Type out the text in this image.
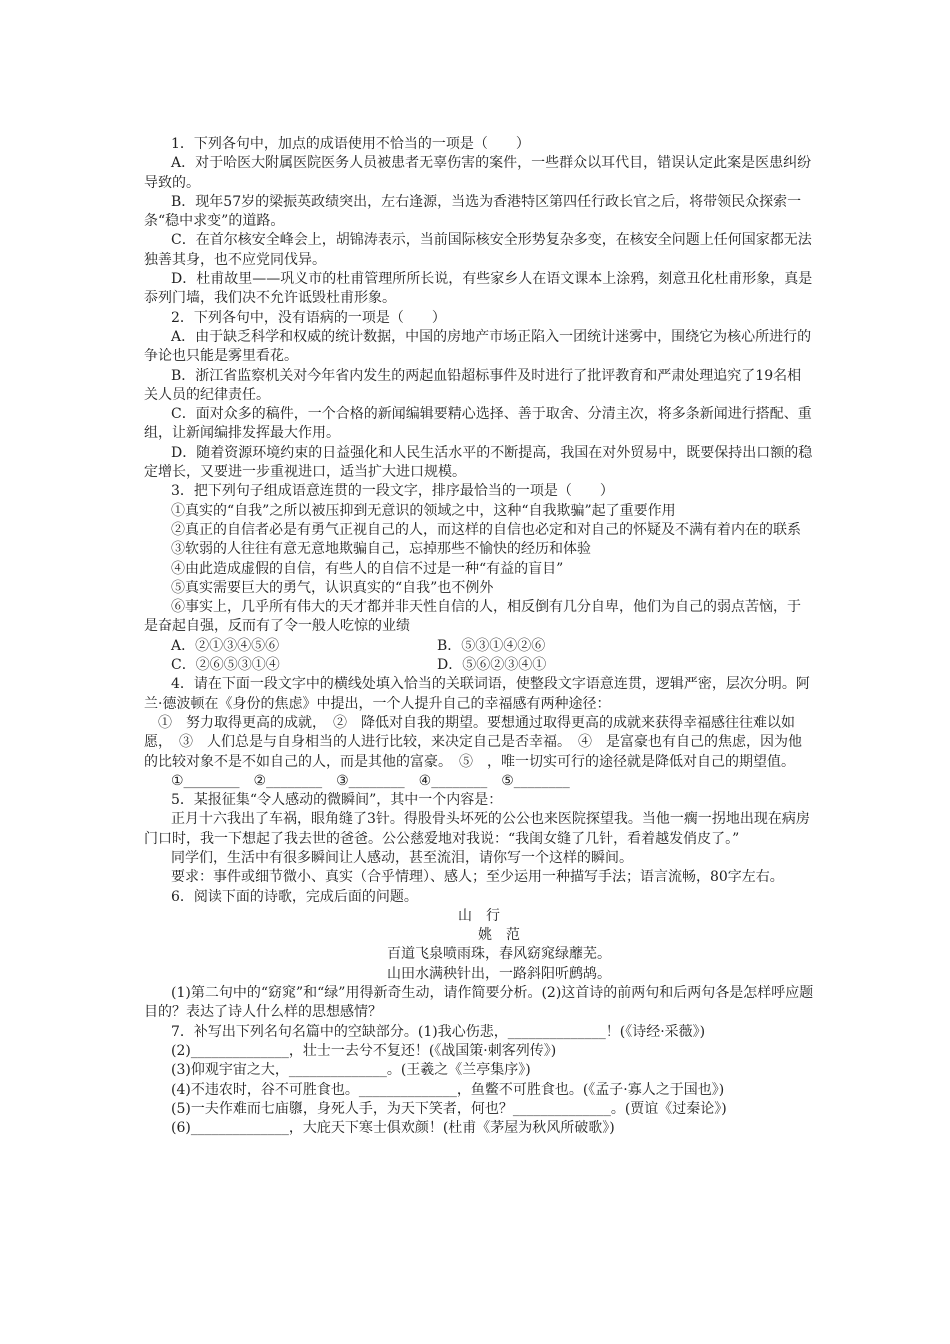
1．下列各句中，加点的成语使用不恰当的一项是（　　）

A．对于哈医大附属医院医务人员被患者无辜伤害的案件，一些群众以耳代目，错误认定此案是医患纠纷导致的。

B．现年57岁的梁振英政绩突出，左右逢源，当选为香港特区第四任行政长官之后，将带领民众探索一条“稳中求变”的道路。

C．在首尔核安全峰会上，胡锦涛表示，当前国际核安全形势复杂多变，在核安全问题上任何国家都无法独善其身，也不应党同伐异。

D．杜甫故里——巩义市的杜甫管理所所长说，有些家乡人在语文课本上涂鸦，刻意丑化杜甫形象，真是忝列门墙，我们决不允许诋毁杜甫形象。

2．下列各句中，没有语病的一项是（　　）

A．由于缺乏科学和权威的统计数据，中国的房地产市场正陷入一团统计迷雾中，围绕它为核心所进行的争论也只能是雾里看花。

B．浙江省监察机关对今年省内发生的两起血铅超标事件及时进行了批评教育和严肃处理追究了19名相关人员的纪律责任。

C．面对众多的稿件，一个合格的新闻编辑要精心选择、善于取舍、分清主次，将多条新闻进行搭配、重组，让新闻编排发挥最大作用。

D．随着资源环境约束的日益强化和人民生活水平的不断提高，我国在对外贸易中，既要保持出口额的稳定增长，又要进一步重视进口，适当扩大进口规模。

3．把下列句子组成语意连贯的一段文字，排序最恰当的一项是（　　）

①真实的“自我”之所以被压抑到无意识的领域之中，这种“自我欺骗”起了重要作用

②真正的自信者必是有勇气正视自己的人，而这样的自信也必定和对自己的怀疑及不满有着内在的联系

③软弱的人往往有意无意地欺骗自己，忘掉那些不愉快的经历和体验

④由此造成虚假的自信，有些人的自信不过是一种“有益的盲目”

⑤真实需要巨大的勇气，认识真实的“自我”也不例外

⑥事实上，几乎所有伟大的天才都并非天性自信的人，相反倒有几分自卑，他们为自己的弱点苦恼，于是奋起自强，反而有了令一般人吃惊的业绩

A．②①③④⑤⑥	B．⑤③①④②⑥
C．②⑥⑤③①④	D．⑤⑥②③④①

4．请在下面一段文字中的横线处填入恰当的关联词语，使整段文字语意连贯，逻辑严密，层次分明。阿兰·德波顿在《身份的焦虑》中提出，一个人提升自己的幸福感有两种途径：

　①　努力取得更高的成就，　②　降低对自我的期望。要想通过取得更高的成就来获得幸福感往往难以如愿，　③　人们总是与自身相当的人进行比较，来决定自己是否幸福。　④　是富豪也有自己的焦虑，因为他的比较对象不是不如自己的人，而是其他的富豪。　⑤　，唯一切实可行的途径就是降低对自己的期望值。

①________　②________　③________　④________　⑤________

5．某报征集“令人感动的微瞬间”，其中一个内容是：

正月十六我出了车祸，眼角缝了3针。得股骨头坏死的公公也来医院探望我。当他一瘸一拐地出现在病房门口时，我一下想起了我去世的爸爸。公公慈爱地对我说：“我闺女缝了几针，看着越发俏皮了。”

同学们，生活中有很多瞬间让人感动，甚至流泪，请你写一个这样的瞬间。

要求：事件或细节微小、真实（合乎情理）、感人；至少运用一种描写手法；语言流畅，80字左右。

6．阅读下面的诗歌，完成后面的问题。

山　行

姚　范

百道飞泉喷雨珠，春风窈窕绿蘼芜。

山田水满秧针出，一路斜阳听鹧鸪。

(1)第二句中的“窈窕”和“绿”用得新奇生动，请作简要分析。(2)这首诗的前两句和后两句各是怎样呼应题目的？表达了诗人什么样的思想感情？

7．补写出下列名句名篇中的空缺部分。(1)我心伤悲，______________！(《诗经·采薇》)

(2)______________，壮士一去兮不复还！(《战国策·刺客列传》)

(3)仰观宇宙之大，______________。(王羲之《兰亭集序》)

(4)不违农时，谷不可胜食也。______________，鱼鳖不可胜食也。(《孟子·寡人之于国也》)

(5)一夫作难而七庙隳，身死人手，为天下笑者，何也？______________。(贾谊《过秦论》)

(6)______________，大庇天下寒士俱欢颜！(杜甫《茅屋为秋风所破歌》)
